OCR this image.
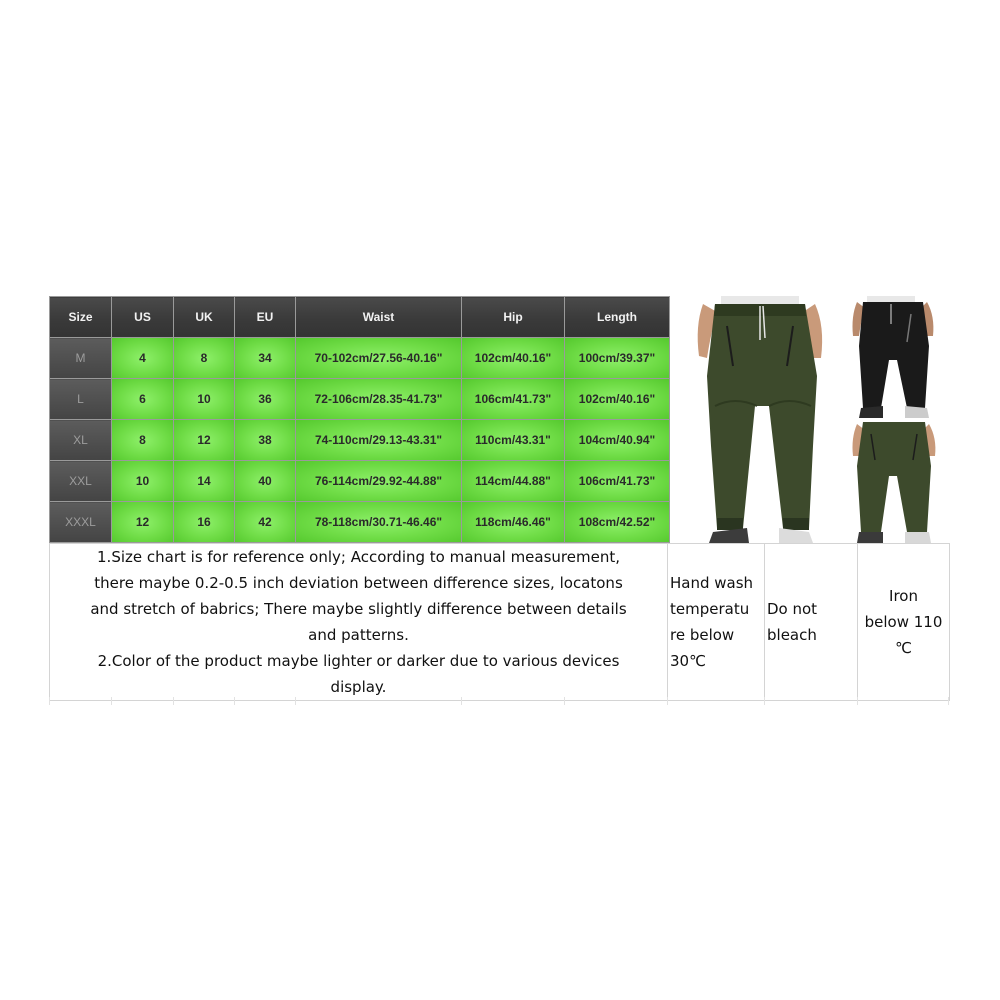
Size	US	UK	EU	Waist	Hip	Length
M	4	8	34	70-102cm/27.56-40.16"	102cm/40.16"	100cm/39.37"
L	6	10	36	72-106cm/28.35-41.73"	106cm/41.73"	102cm/40.16"
XL	8	12	38	74-110cm/29.13-43.31"	110cm/43.31"	104cm/40.94"
XXL	10	14	40	76-114cm/29.92-44.88"	114cm/44.88"	106cm/41.73"
XXXL	12	16	42	78-118cm/30.71-46.46"	118cm/46.46"	108cm/42.52"
1.Size chart is for reference only; According to manual measurement,
there maybe 0.2-0.5 inch deviation between difference sizes, locatons
and stretch of babrics; There maybe slightly difference between details
and patterns.
2.Color of the product maybe lighter or darker due to various devices
display.

Hand wash
temperatu
re below
30℃

Do not
bleach

Iron
below 110
℃
